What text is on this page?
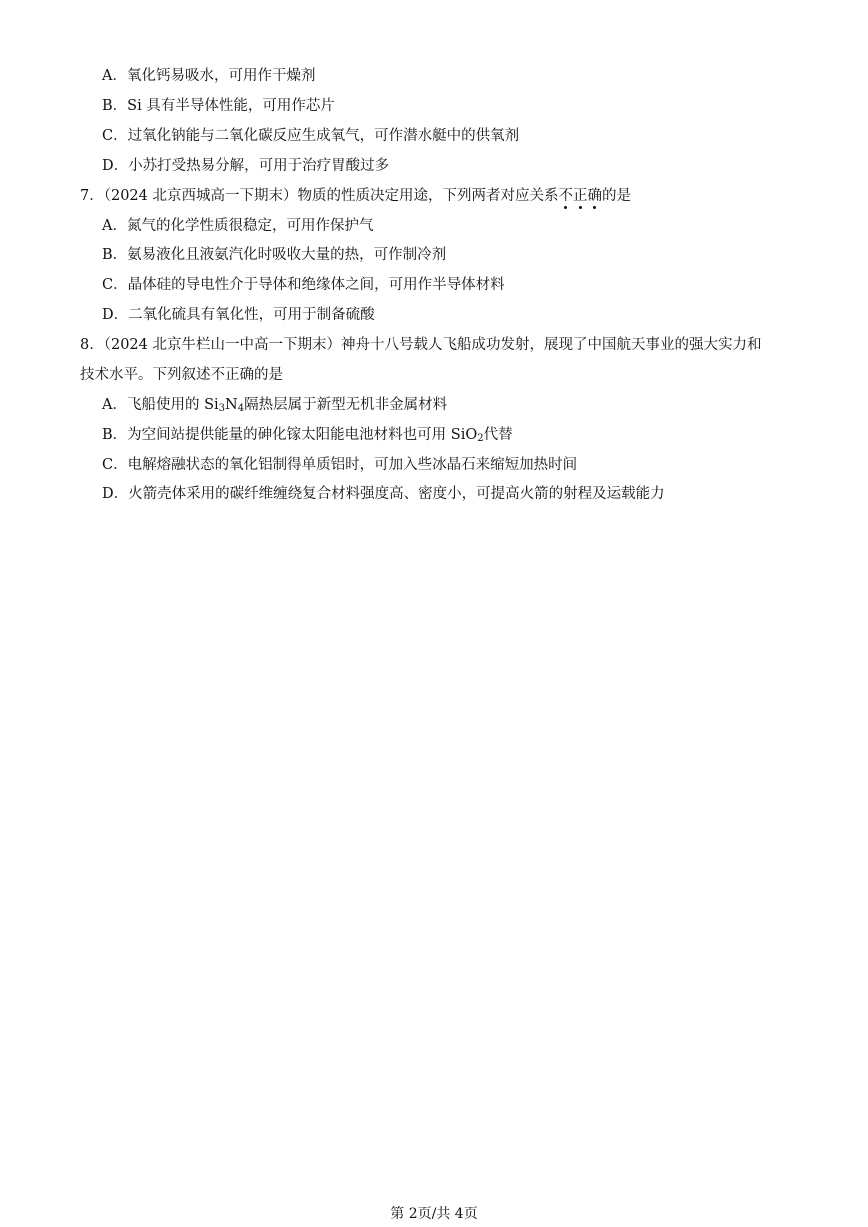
A．氧化钙易吸水，可用作干燥剂
B．Si 具有半导体性能，可用作芯片
C．过氧化钠能与二氧化碳反应生成氧气，可作潜水艇中的供氧剂
D．小苏打受热易分解，可用于治疗胃酸过多
7．（2024 北京西城高一下期末）物质的性质决定用途，下列两者对应关系不正确的是
A．氮气的化学性质很稳定，可用作保护气
B．氨易液化且液氨汽化时吸收大量的热，可作制冷剂
C．晶体硅的导电性介于导体和绝缘体之间，可用作半导体材料
D．二氧化硫具有氧化性，可用于制备硫酸
8．（2024 北京牛栏山一中高一下期末）神舟十八号载人飞船成功发射，展现了中国航天事业的强大实力和
技术水平。下列叙述不正确的是
A．飞船使用的 $Si_3N_4$隔热层属于新型无机非金属材料
B．为空间站提供能量的砷化镓太阳能电池材料也可用 SiO$_2$代替
C．电解熔融状态的氧化铝制得单质铝时，可加入些冰晶石来缩短加热时间
D．火箭壳体采用的碳纤维缠绕复合材料强度高、密度小，可提高火箭的射程及运载能力
第 2页/共 4页
